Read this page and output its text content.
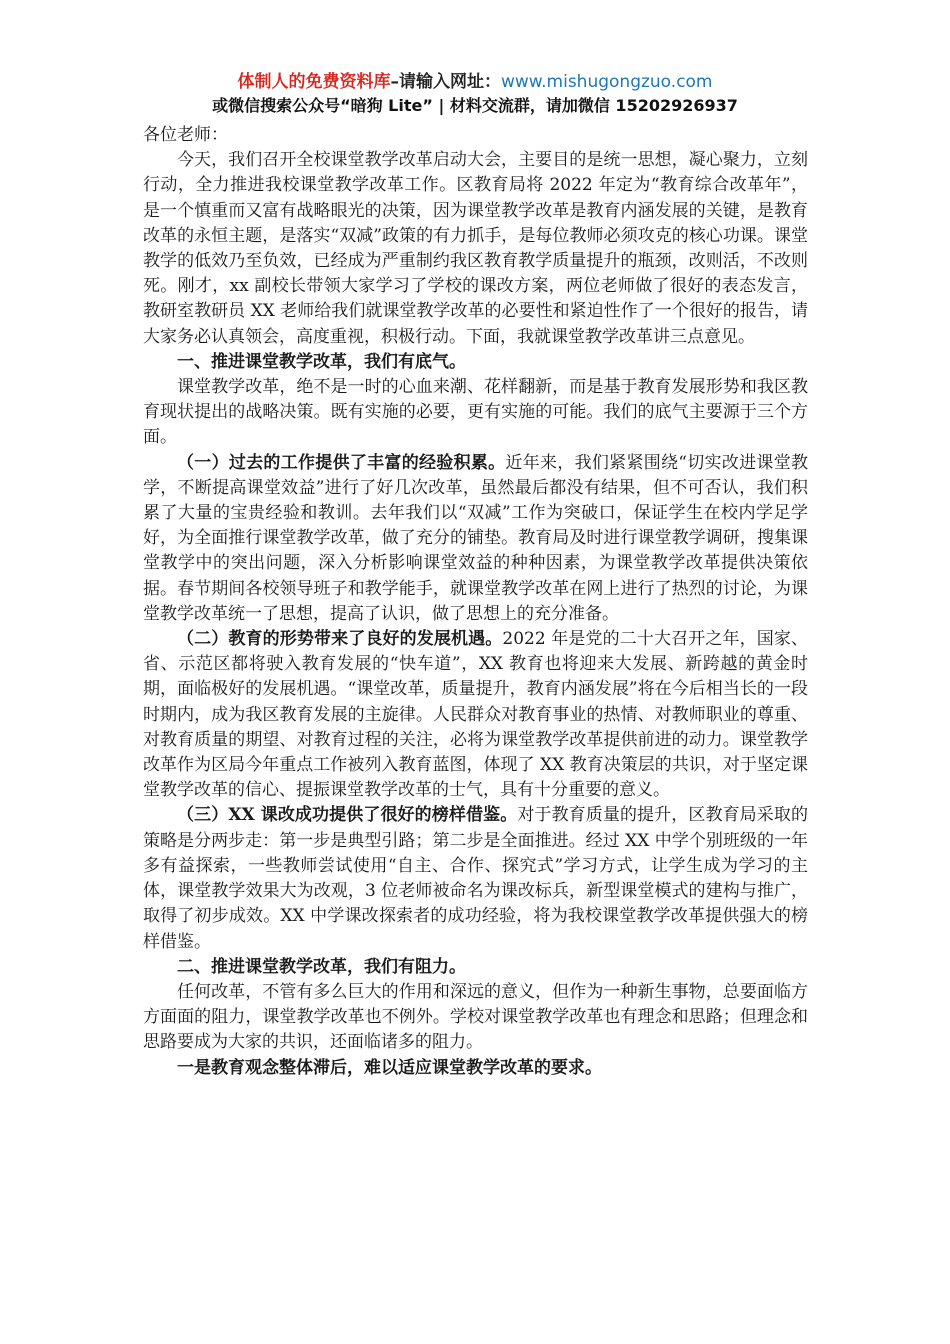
体制人的免费资料库–请输入网址：www.mishugongzuo.com
或微信搜索公众号“暗狗 Lite” | 材料交流群，请加微信 15202926937

各位老师：

今天，我们召开全校课堂教学改革启动大会，主要目的是统一思想，凝心聚力，立刻行动，全力推进我校课堂教学改革工作。区教育局将 2022 年定为“教育综合改革年”，是一个慎重而又富有战略眼光的决策，因为课堂教学改革是教育内涵发展的关键，是教育改革的永恒主题，是落实“双减”政策的有力抓手，是每位教师必须攻克的核心功课。课堂教学的低效乃至负效，已经成为严重制约我区教育教学质量提升的瓶颈，改则活，不改则死。刚才，xx 副校长带领大家学习了学校的课改方案，两位老师做了很好的表态发言，教研室教研员 XX 老师给我们就课堂教学改革的必要性和紧迫性作了一个很好的报告，请大家务必认真领会，高度重视，积极行动。下面，我就课堂教学改革讲三点意见。

一、推进课堂教学改革，我们有底气。

课堂教学改革，绝不是一时的心血来潮、花样翻新，而是基于教育发展形势和我区教育现状提出的战略决策。既有实施的必要，更有实施的可能。我们的底气主要源于三个方面。

（一）过去的工作提供了丰富的经验积累。近年来，我们紧紧围绕“切实改进课堂教学，不断提高课堂效益”进行了好几次改革，虽然最后都没有结果，但不可否认，我们积累了大量的宝贵经验和教训。去年我们以“双减”工作为突破口，保证学生在校内学足学好，为全面推行课堂教学改革，做了充分的铺垫。教育局及时进行课堂教学调研，搜集课堂教学中的突出问题，深入分析影响课堂效益的种种因素，为课堂教学改革提供决策依据。春节期间各校领导班子和教学能手，就课堂教学改革在网上进行了热烈的讨论，为课堂教学改革统一了思想，提高了认识，做了思想上的充分准备。

（二）教育的形势带来了良好的发展机遇。2022 年是党的二十大召开之年，国家、省、示范区都将驶入教育发展的“快车道”，XX 教育也将迎来大发展、新跨越的黄金时期，面临极好的发展机遇。“课堂改革，质量提升，教育内涵发展”将在今后相当长的一段时期内，成为我区教育发展的主旋律。人民群众对教育事业的热情、对教师职业的尊重、对教育质量的期望、对教育过程的关注，必将为课堂教学改革提供前进的动力。课堂教学改革作为区局今年重点工作被列入教育蓝图，体现了 XX 教育决策层的共识，对于坚定课堂教学改革的信心、提振课堂教学改革的士气，具有十分重要的意义。

（三）XX 课改成功提供了很好的榜样借鉴。对于教育质量的提升，区教育局采取的策略是分两步走：第一步是典型引路；第二步是全面推进。经过 XX 中学个别班级的一年多有益探索，一些教师尝试使用“自主、合作、探究式”学习方式，让学生成为学习的主体，课堂教学效果大为改观，3 位老师被命名为课改标兵，新型课堂模式的建构与推广，取得了初步成效。XX 中学课改探索者的成功经验，将为我校课堂教学改革提供强大的榜样借鉴。

二、推进课堂教学改革，我们有阻力。

任何改革，不管有多么巨大的作用和深远的意义，但作为一种新生事物，总要面临方方面面的阻力，课堂教学改革也不例外。学校对课堂教学改革也有理念和思路；但理念和思路要成为大家的共识，还面临诸多的阻力。

一是教育观念整体滞后，难以适应课堂教学改革的要求。
